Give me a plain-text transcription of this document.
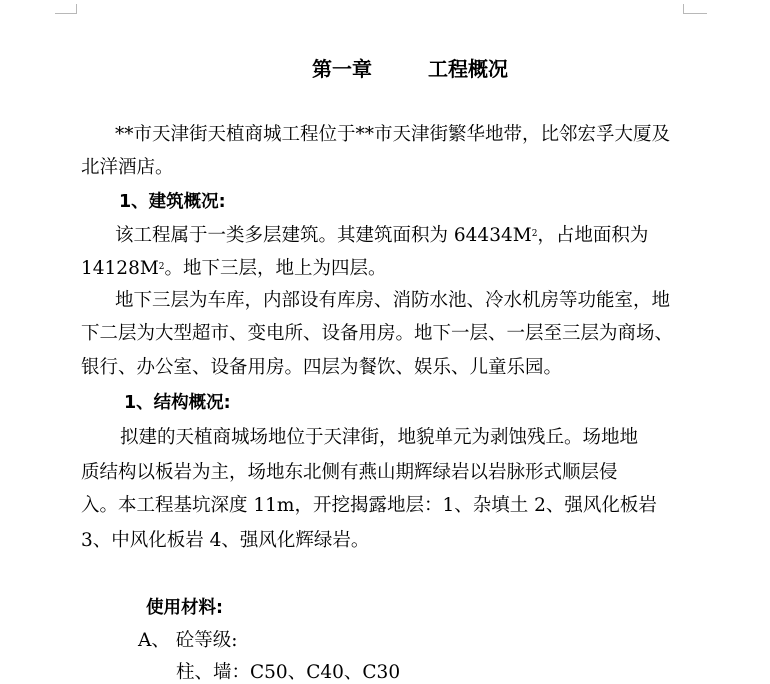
第一章	工程概况
**市天津街天植商城工程位于**市天津街繁华地带，比邻宏孚大厦及
北洋酒店。
1、建筑概况:
该工程属于一类多层建筑。其建筑面积为 $64434M^2$，占地面积为
$14128M^2$。地下三层，地上为四层。
地下三层为车库，内部设有库房、消防水池、冷水机房等功能室，地
下二层为大型超市、变电所、设备用房。地下一层、一层至三层为商场、
银行、办公室、设备用房。四层为餐饮、娱乐、儿童乐园。
1、结构概况:
拟建的天植商城场地位于天津街，地貌单元为剥蚀残丘。场地地
质结构以板岩为主，场地东北侧有燕山期辉绿岩以岩脉形式顺层侵
入。本工程基坑深度 11m，开挖揭露地层：1、杂填土 2、强风化板岩
3、中风化板岩 4、强风化辉绿岩。
使用材料:
A、 砼等级:
柱、墙：C50、C40、C30
